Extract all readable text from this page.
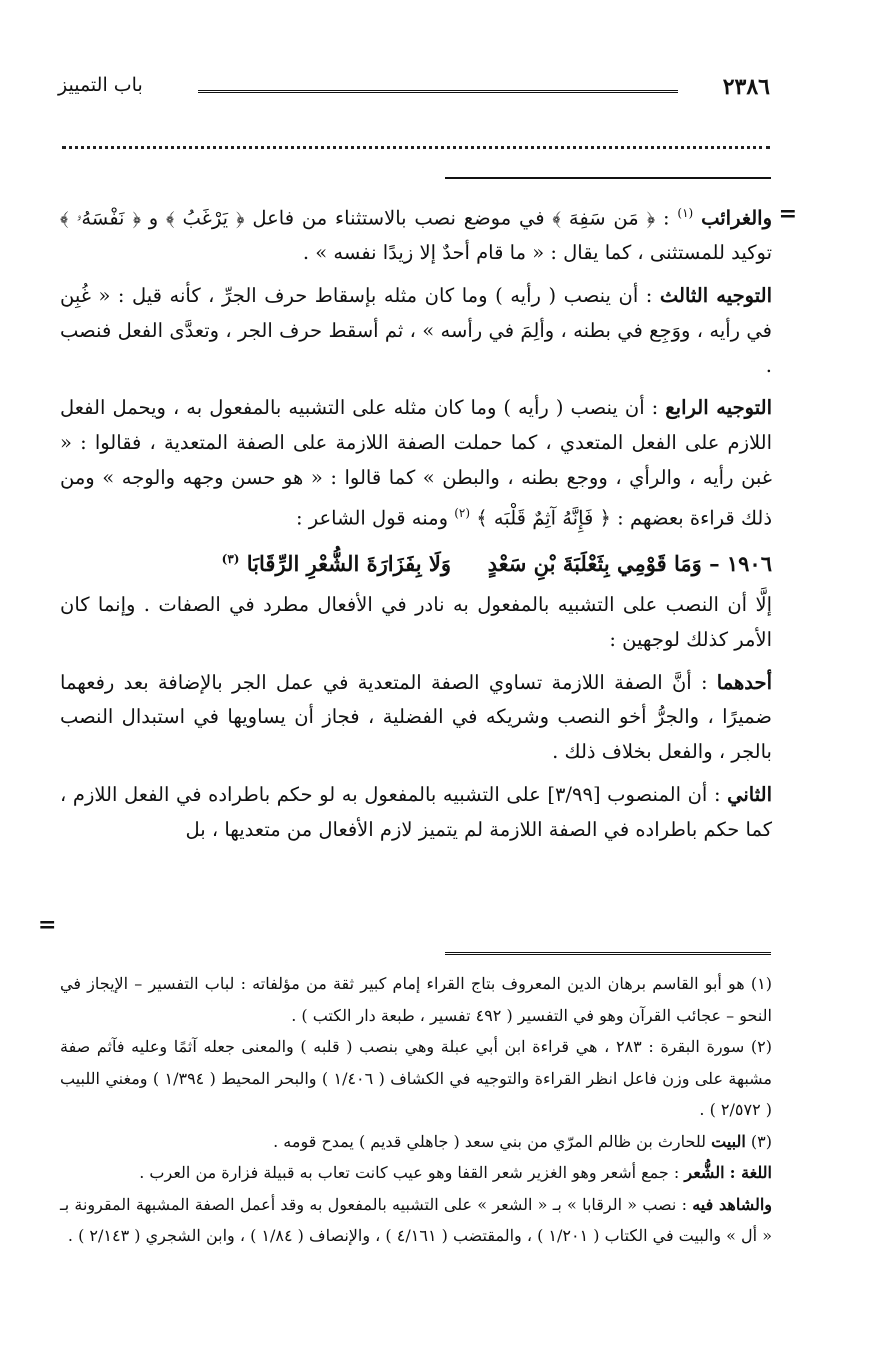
٢٣٨٦
باب التمييز
=

والغرائب $^{(١)}$ : ﴿ مَن سَفِهَ ﴾ في موضع نصب بالاستثناء من فاعل ﴿ يَرْغَبُ ﴾ و ﴿ نَفْسَهُۥ ﴾ توكيد للمستثنى ، كما يقال : « ما قام أحدٌ إلا زيدًا نفسه » .

التوجيه الثالث : أن ينصب ( رأيه ) وما كان مثله بإسقاط حرف الجرِّ ، كأنه قيل : « غُبِن في رأيه ، ووَجِع في بطنه ، وألِمَ في رأسه » ، ثم أسقط حرف الجر ، وتعدَّى الفعل فنصب .

التوجيه الرابع : أن ينصب ( رأيه ) وما كان مثله على التشبيه بالمفعول به ، ويحمل الفعل اللازم على الفعل المتعدي ، كما حملت الصفة اللازمة على الصفة المتعدية ، فقالوا : « غبن رأيه ، والرأي ، ووجع بطنه ، والبطن » كما قالوا : « هو حسن وجهه والوجه » ومن ذلك قراءة بعضهم : ﴿ فَإِنَّهُ آثِمٌ قَلْبَه ﴾ $^{(٢)}$ ومنه قول الشاعر :

١٩٠٦ – وَمَا قَوْمِي بِثَعْلَبَةَ بْنِ سَعْدٍ     وَلَا بِفَزَارَةَ الشُّعْرِ الرِّقَابَا $^{(٣)}$

إلَّا أن النصب على التشبيه بالمفعول به نادر في الأفعال مطرد في الصفات . وإنما كان الأمر كذلك لوجهين :

أحدهما : أنَّ الصفة اللازمة تساوي الصفة المتعدية في عمل الجر بالإضافة بعد رفعهما ضميرًا ، والجرُّ أخو النصب وشريكه في الفضلية ، فجاز أن يساويها في استبدال النصب بالجر ، والفعل بخلاف ذلك .

الثاني : أن المنصوب [٣/٩٩] على التشبيه بالمفعول به لو حكم باطراده في الفعل اللازم ، كما حكم باطراده في الصفة اللازمة لم يتميز لازم الأفعال من متعديها ، بل

=

(١) هو أبو القاسم برهان الدين المعروف بتاج القراء إمام كبير ثقة من مؤلفاته : لباب التفسير – الإيجاز في النحو – عجائب القرآن وهو في التفسير ( ٤٩٢ تفسير ، طبعة دار الكتب ) .

(٢) سورة البقرة : ٢٨٣ ، هي قراءة ابن أبي عبلة وهي بنصب ( قلبه ) والمعنى جعله آثمًا وعليه فآثم صفة مشبهة على وزن فاعل انظر القراءة والتوجيه في الكشاف ( ١/٤٠٦ ) والبحر المحيط ( ١/٣٩٤ ) ومغني اللبيب ( ٢/٥٧٢ ) .

(٣) البيت للحارث بن ظالم المرّي من بني سعد ( جاهلي قديم ) يمدح قومه .

اللغة : الشُّعر : جمع أشعر وهو الغزير شعر القفا وهو عيب كانت تعاب به قبيلة فزارة من العرب .

والشاهد فيه : نصب « الرقابا » بـ « الشعر » على التشبيه بالمفعول به وقد أعمل الصفة المشبهة المقرونة بـ « أل » والبيت في الكتاب ( ١/٢٠١ ) ، والمقتضب ( ٤/١٦١ ) ، والإنصاف ( ١/٨٤ ) ، وابن الشجري ( ٢/١٤٣ ) .
